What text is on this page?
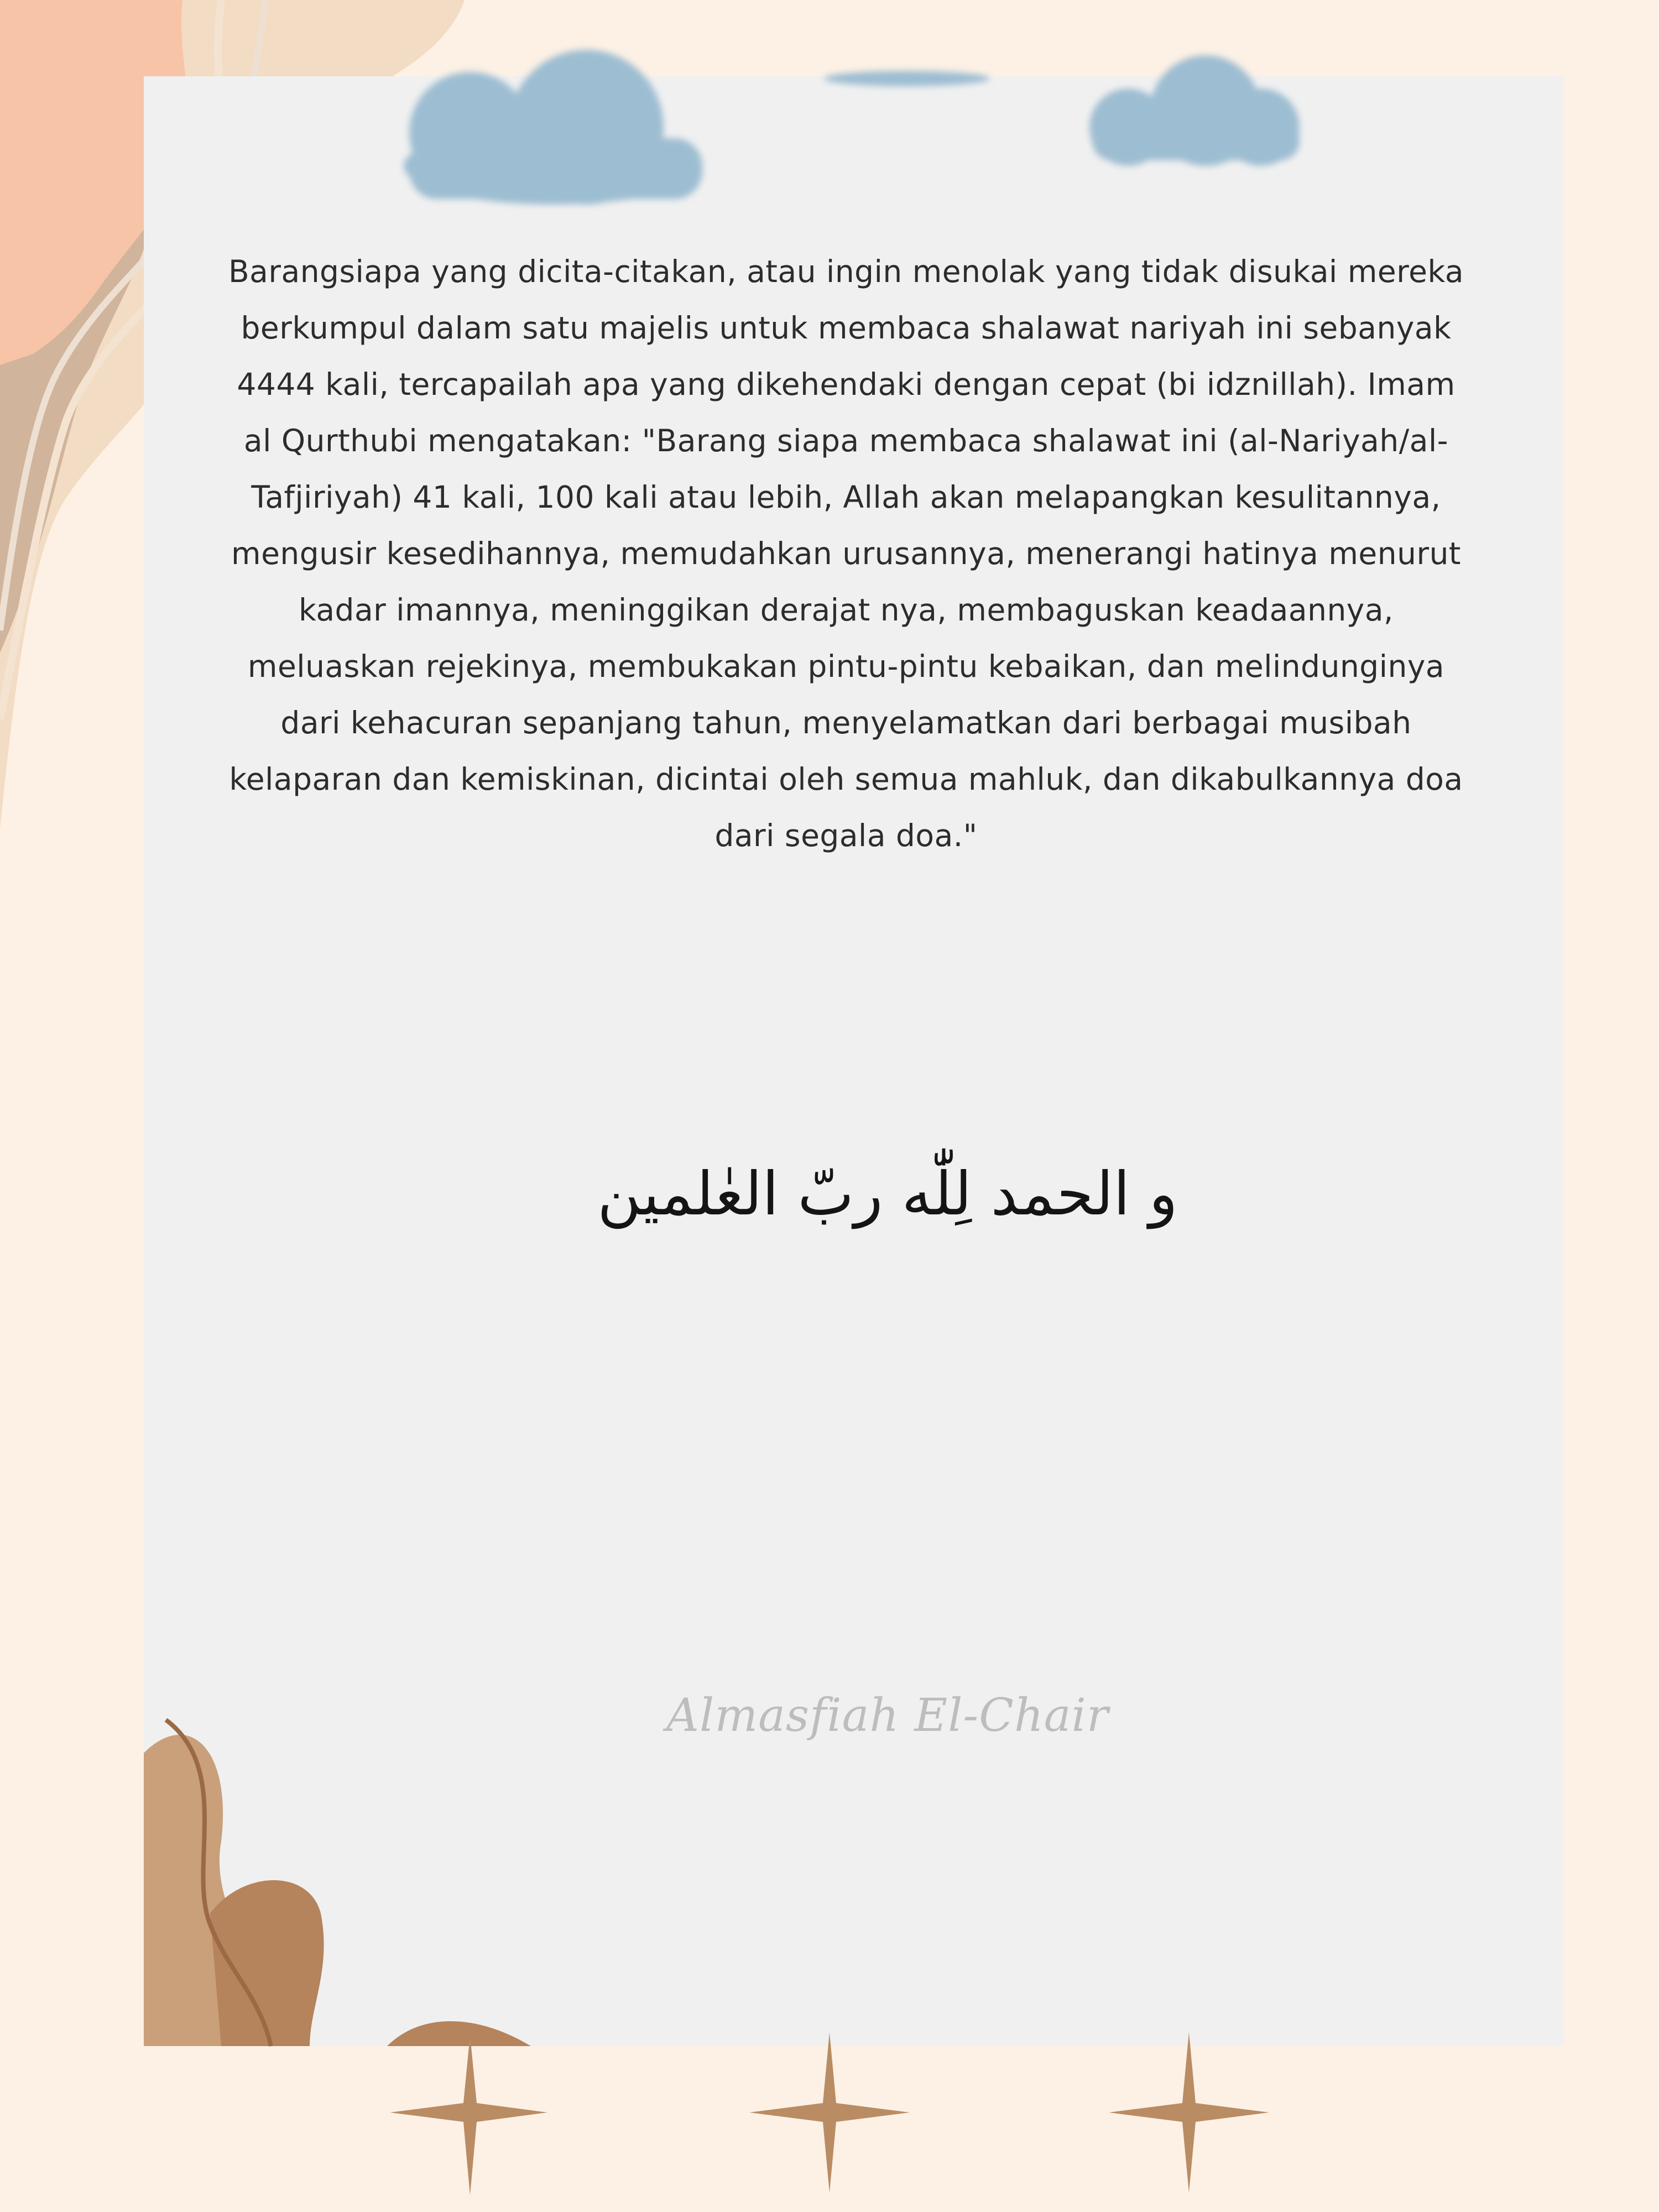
Barangsiapa yang dicita-citakan, atau ingin menolak yang tidak disukai mereka berkumpul dalam satu majelis untuk membaca shalawat nariyah ini sebanyak 4444 kali, tercapailah apa yang dikehendaki dengan cepat (bi idznillah). Imam al Qurthubi mengatakan: "Barang siapa membaca shalawat ini (al-Nariyah/al-Tafjiriyah) 41 kali, 100 kali atau lebih, Allah akan melapangkan kesulitannya, mengusir kesedihannya, memudahkan urusannya, menerangi hatinya menurut kadar imannya, meninggikan derajat nya, membaguskan keadaannya, meluaskan rejekinya, membukakan pintu-pintu kebaikan, dan melindunginya dari kehacuran sepanjang tahun, menyelamatkan dari berbagai musibah kelaparan dan kemiskinan, dicintai oleh semua mahluk, dan dikabulkannya doa dari segala doa."

و الحمد لِلّٰه ربّ العٰلمين
Almasfiah El-Chair
